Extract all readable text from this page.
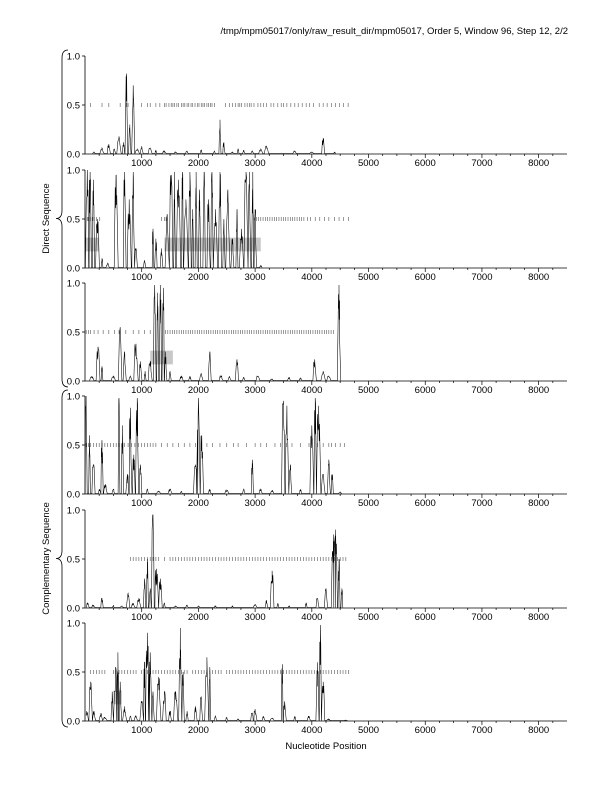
/tmp/mpm05017/only/raw_result_dir/mpm05017, Order 5, Window 96, Step 12, 2/2
Direct Sequence
Complementary Sequence
0.0
0.5
1.0
1000	2000	3000	4000	5000	6000	7000	8000
0.0
0.5
1.0
1000	2000	3000	4000	5000	6000	7000	8000
0.0
0.5
1.0
1000	2000	3000	4000	5000	6000	7000	8000
0.0
0.5
1.0
1000	2000	3000	4000	5000	6000	7000	8000
0.0
0.5
1.0
1000	2000	3000	4000	5000	6000	7000	8000
0.0
0.5
1.0
1000	2000	3000	4000	5000	6000	7000	8000
Nucleotide Position
